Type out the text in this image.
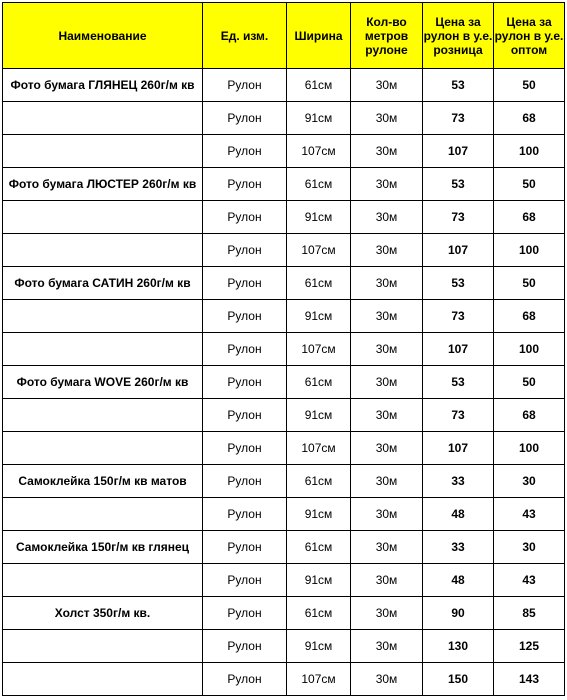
Наименование	Ед. изм.	Ширина	Кол-во метров рулоне	Цена за рулон в у.е. розница	Цена за рулон в у.е. оптом
Фото бумага ГЛЯНЕЦ 260г/м кв	Рулон	61см	30м	53	50
	Рулон	91см	30м	73	68
	Рулон	107см	30м	107	100
Фото бумага ЛЮСТЕР 260г/м кв	Рулон	61см	30м	53	50
	Рулон	91см	30м	73	68
	Рулон	107см	30м	107	100
Фото бумага САТИН 260г/м кв	Рулон	61см	30м	53	50
	Рулон	91см	30м	73	68
	Рулон	107см	30м	107	100
Фото бумага WOVE 260г/м кв	Рулон	61см	30м	53	50
	Рулон	91см	30м	73	68
	Рулон	107см	30м	107	100
Самоклейка 150г/м кв матов	Рулон	61см	30м	33	30
	Рулон	91см	30м	48	43
Самоклейка 150г/м кв глянец	Рулон	61см	30м	33	30
	Рулон	91см	30м	48	43
Холст 350г/м кв.	Рулон	61см	30м	90	85
	Рулон	91см	30м	130	125
	Рулон	107см	30м	150	143
